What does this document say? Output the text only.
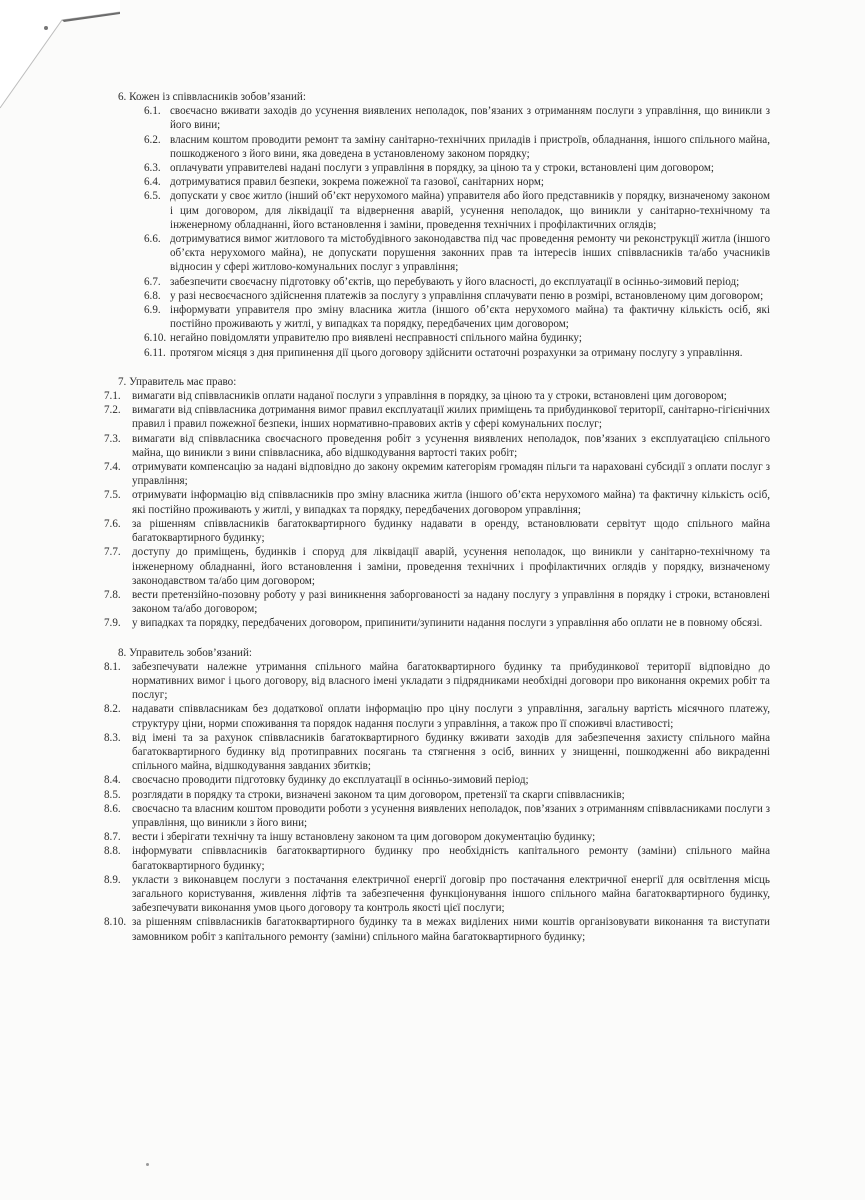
6. Кожен із співвласників зобов’язаний:
6.1. своєчасно вживати заходів до усунення виявлених неполадок, пов’язаних з отриманням послуги з управління, що виникли з його вини;
6.2. власним коштом проводити ремонт та заміну санітарно-технічних приладів і пристроїв, обладнання, іншого спільного майна, пошкодженого з його вини, яка доведена в установленому законом порядку;
6.3. оплачувати управителеві надані послуги з управління в порядку, за ціною та у строки, встановлені цим договором;
6.4. дотримуватися правил безпеки, зокрема пожежної та газової, санітарних норм;
6.5. допускати у своє житло (інший об’єкт нерухомого майна) управителя або його представників у порядку, визначеному законом і цим договором, для ліквідації та відвернення аварій, усунення неполадок, що виникли у санітарно-технічному та інженерному обладнанні, його встановлення і заміни, проведення технічних і профілактичних оглядів;
6.6. дотримуватися вимог житлового та містобудівного законодавства під час проведення ремонту чи реконструкції житла (іншого об’єкта нерухомого майна), не допускати порушення законних прав та інтересів інших співвласників та/або учасників відносин у сфері житлово-комунальних послуг з управління;
6.7. забезпечити своєчасну підготовку об’єктів, що перебувають у його власності, до експлуатації в осінньо-зимовий період;
6.8. у разі несвоєчасного здійснення платежів за послугу з управління сплачувати пеню в розмірі, встановленому цим договором;
6.9. інформувати управителя про зміну власника житла (іншого об’єкта нерухомого майна) та фактичну кількість осіб, які постійно проживають у житлі, у випадках та порядку, передбачених цим договором;
6.10. негайно повідомляти управителю про виявлені несправності спільного майна будинку;
6.11. протягом місяця з дня припинення дії цього договору здійснити остаточні розрахунки за отриману послугу з управління.
7. Управитель має право:
7.1. вимагати від співвласників оплати наданої послуги з управління в порядку, за ціною та у строки, встановлені цим договором;
7.2. вимагати від співвласника дотримання вимог правил експлуатації жилих приміщень та прибудинкової території, санітарно-гігієнічних правил і правил пожежної безпеки, інших нормативно-правових актів у сфері комунальних послуг;
7.3. вимагати від співвласника своєчасного проведення робіт з усунення виявлених неполадок, пов’язаних з експлуатацією спільного майна, що виникли з вини співвласника, або відшкодування вартості таких робіт;
7.4. отримувати компенсацію за надані відповідно до закону окремим категоріям громадян пільги та нараховані субсидії з оплати послуг з управління;
7.5. отримувати інформацію від співвласників про зміну власника житла (іншого об’єкта нерухомого майна) та фактичну кількість осіб, які постійно проживають у житлі, у випадках та порядку, передбачених договором управління;
7.6. за рішенням співвласників багатоквартирного будинку надавати в оренду, встановлювати сервітут щодо спільного майна багатоквартирного будинку;
7.7. доступу до приміщень, будинків і споруд для ліквідації аварій, усунення неполадок, що виникли у санітарно-технічному та інженерному обладнанні, його встановлення і заміни, проведення технічних і профілактичних оглядів у порядку, визначеному законодавством та/або цим договором;
7.8. вести претензійно-позовну роботу у разі виникнення заборгованості за надану послугу з управління в порядку і строки, встановлені законом та/або договором;
7.9. у випадках та порядку, передбачених договором, припинити/зупинити надання послуги з управління або оплати не в повному обсязі.
8. Управитель зобов’язаний:
8.1. забезпечувати належне утримання спільного майна багатоквартирного будинку та прибудинкової території відповідно до нормативних вимог і цього договору, від власного імені укладати з підрядниками необхідні договори про виконання окремих робіт та послуг;
8.2. надавати співвласникам без додаткової оплати інформацію про ціну послуги з управління, загальну вартість місячного платежу, структуру ціни, норми споживання та порядок надання послуги з управління, а також про її споживчі властивості;
8.3. від імені та за рахунок співвласників багатоквартирного будинку вживати заходів для забезпечення захисту спільного майна багатоквартирного будинку від протиправних посягань та стягнення з осіб, винних у знищенні, пошкодженні або викраденні спільного майна, відшкодування завданих збитків;
8.4. своєчасно проводити підготовку будинку до експлуатації в осінньо-зимовий період;
8.5. розглядати в порядку та строки, визначені законом та цим договором, претензії та скарги співвласників;
8.6. своєчасно та власним коштом проводити роботи з усунення виявлених неполадок, пов’язаних з отриманням співвласниками послуги з управління, що виникли з його вини;
8.7. вести і зберігати технічну та іншу встановлену законом та цим договором документацію будинку;
8.8. інформувати співвласників багатоквартирного будинку про необхідність капітального ремонту (заміни) спільного майна багатоквартирного будинку;
8.9. укласти з виконавцем послуги з постачання електричної енергії договір про постачання електричної енергії для освітлення місць загального користування, живлення ліфтів та забезпечення функціонування іншого спільного майна багатоквартирного будинку, забезпечувати виконання умов цього договору та контроль якості цієї послуги;
8.10. за рішенням співвласників багатоквартирного будинку та в межах виділених ними коштів організовувати виконання та виступати замовником робіт з капітального ремонту (заміни) спільного майна багатоквартирного будинку;
